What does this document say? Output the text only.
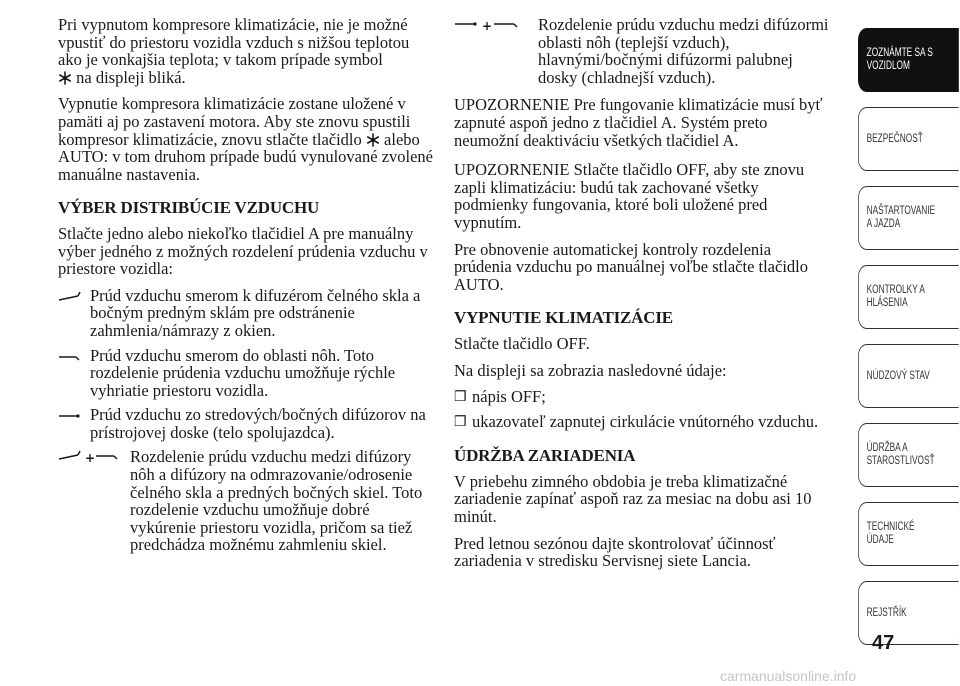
Pri vypnutom kompresore klimatizácie, nie je možné vpustiť do priestoru vozidla vzduch s nižšou teplotou ako je vonkajšia teplota; v takom prípade symbol
na displeji bliká.

Vypnutie kompresora klimatizácie zostane uložené v pamäti aj po zastavení motora. Aby ste znovu spustili kompresor klimatizácie, znovu stlačte tlačidlo alebo AUTO: v tom druhom prípade budú vynulované zvolené manuálne nastavenia.

VÝBER DISTRIBÚCIE VZDUCHU

Stlačte jedno alebo niekoľko tlačidiel A pre manuálny výber jedného z možných rozdelení prúdenia vzduchu v priestore vozidla:

Prúd vzduchu smerom k difuzérom čelného skla a bočným predným sklám pre odstránenie zahmlenia/námrazy z okien.
Prúd vzduchu smerom do oblasti nôh. Toto rozdelenie prúdenia vzduchu umožňuje rýchle vyhriatie priestoru vozidla.
Prúd vzduchu zo stredových/bočných difúzorov na prístrojovej doske (telo spolujazdca).
+ Rozdelenie prúdu vzduchu medzi difúzory nôh a difúzory na odmrazovanie/odrosenie čelného skla a predných bočných skiel. Toto rozdelenie vzduchu umožňuje dobré vykúrenie priestoru vozidla, pričom sa tiež predchádza možnému zahmleniu skiel.
+	Rozdelenie prúdu vzduchu medzi difúzormi oblasti nôh (teplejší vzduch), hlavnými/bočnými difúzormi palubnej dosky (chladnejší vzduch).

UPOZORNENIE Pre fungovanie klimatizácie musí byť zapnuté aspoň jedno z tlačidiel A. Systém preto neumožní deaktiváciu všetkých tlačidiel A.

UPOZORNENIE Stlačte tlačidlo OFF, aby ste znovu zapli klimatizáciu: budú tak zachované všetky podmienky fungovania, ktoré boli uložené pred vypnutím.

Pre obnovenie automatickej kontroly rozdelenia prúdenia vzduchu po manuálnej voľbe stlačte tlačidlo AUTO.

VYPNUTIE KLIMATIZÁCIE

Stlačte tlačidlo OFF.

Na displeji sa zobrazia nasledovné údaje:

❒ nápis OFF;
❒ ukazovateľ zapnutej cirkulácie vnútorného vzduchu.
ÚDRŽBA ZARIADENIA

V priebehu zimného obdobia je treba klimatizačné zariadenie zapínať aspoň raz za mesiac na dobu asi 10 minút.

Pred letnou sezónou dajte skontrolovať účinnosť zariadenia v stredisku Servisnej siete Lancia.

ZOZNÁMTE SA S
VOZIDLOM
BEZPEČNOSŤ
NAŠTARTOVANIE
A JAZDA
KONTROLKY A
HLÁSENIA
NÚDZOVÝ STAV
ÚDRŽBA A
STAROSTLIVOSŤ
TECHNICKÉ
ÚDAJE
REJSTŘÍK
47
carmanualsonline.info
